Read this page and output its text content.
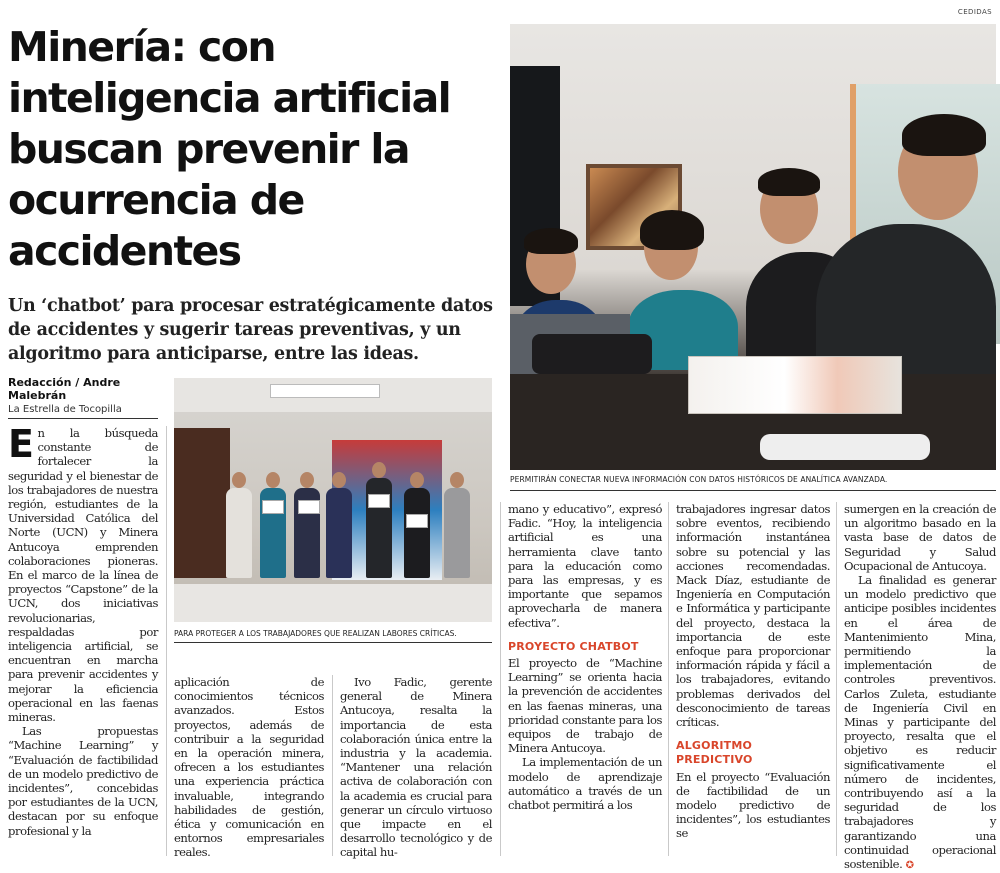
CEDIDAS
Minería: con inteligencia artificial buscan prevenir la ocurrencia de accidentes

Un ‘chatbot’ para procesar estratégicamente datos de accidentes y sugerir tareas preventivas, y un algoritmo para anticiparse, entre las ideas.

Redacción / Andre Malebrán
La Estrella de Tocopilla
PERMITIRÁN CONECTAR NUEVA INFORMACIÓN CON DATOS HISTÓRICOS DE ANALÍTICA AVANZADA.
PARA PROTEGER A LOS TRABAJADORES QUE REALIZAN LABORES CRÍTICAS.

En la búsqueda constante de fortalecer la seguridad y el bienestar de los trabajadores de nuestra región, estudiantes de la Universidad Católica del Norte (UCN) y Minera Antucoya emprenden colaboraciones pioneras. En el marco de la línea de proyectos “Capstone” de la UCN, dos iniciativas revolucionarias, respaldadas por inteligencia artificial, se encuentran en marcha para prevenir accidentes y mejorar la eficiencia operacional en las faenas mineras.

Las propuestas “Machine Learning” y “Evaluación de factibilidad de un modelo predictivo de incidentes”, concebidas por estudiantes de la UCN, destacan por su enfoque profesional y la

aplicación de conocimientos técnicos avanzados. Estos proyectos, además de contribuir a la seguridad en la operación minera, ofrecen a los estudiantes una experiencia práctica invaluable, integrando habilidades de gestión, ética y comunicación en entornos empresariales reales.

Ivo Fadic, gerente general de Minera Antucoya, resalta la importancia de esta colaboración única entre la industria y la academia. “Mantener una relación activa de colaboración con la academia es crucial para generar un círculo virtuoso que impacte en el desarrollo tecnológico y de capital hu-

mano y educativo”, expresó Fadic. “Hoy, la inteligencia artificial es una herramienta clave tanto para la educación como para las empresas, y es importante que sepamos aprovecharla de manera efectiva”.

PROYECTO CHATBOT

El proyecto de “Machine Learning” se orienta hacia la prevención de accidentes en las faenas mineras, una prioridad constante para los equipos de trabajo de Minera Antucoya.

La implementación de un modelo de aprendizaje automático a través de un chatbot permitirá a los

trabajadores ingresar datos sobre eventos, recibiendo información instantánea sobre su potencial y las acciones recomendadas. Mack Díaz, estudiante de Ingeniería en Computación e Informática y participante del proyecto, destaca la importancia de este enfoque para proporcionar información rápida y fácil a los trabajadores, evitando problemas derivados del desconocimiento de tareas críticas.

ALGORITMO PREDICTIVO

En el proyecto “Evaluación de factibilidad de un modelo predictivo de incidentes”, los estudiantes se

sumergen en la creación de un algoritmo basado en la vasta base de datos de Seguridad y Salud Ocupacional de Antucoya.

La finalidad es generar un modelo predictivo que anticipe posibles incidentes en el área de Mantenimiento Mina, permitiendo la implementación de controles preventivos. Carlos Zuleta, estudiante de Ingeniería Civil en Minas y participante del proyecto, resalta que el objetivo es reducir significativamente el número de incidentes, contribuyendo así a la seguridad de los trabajadores y garantizando una continuidad operacional sostenible. ✪
